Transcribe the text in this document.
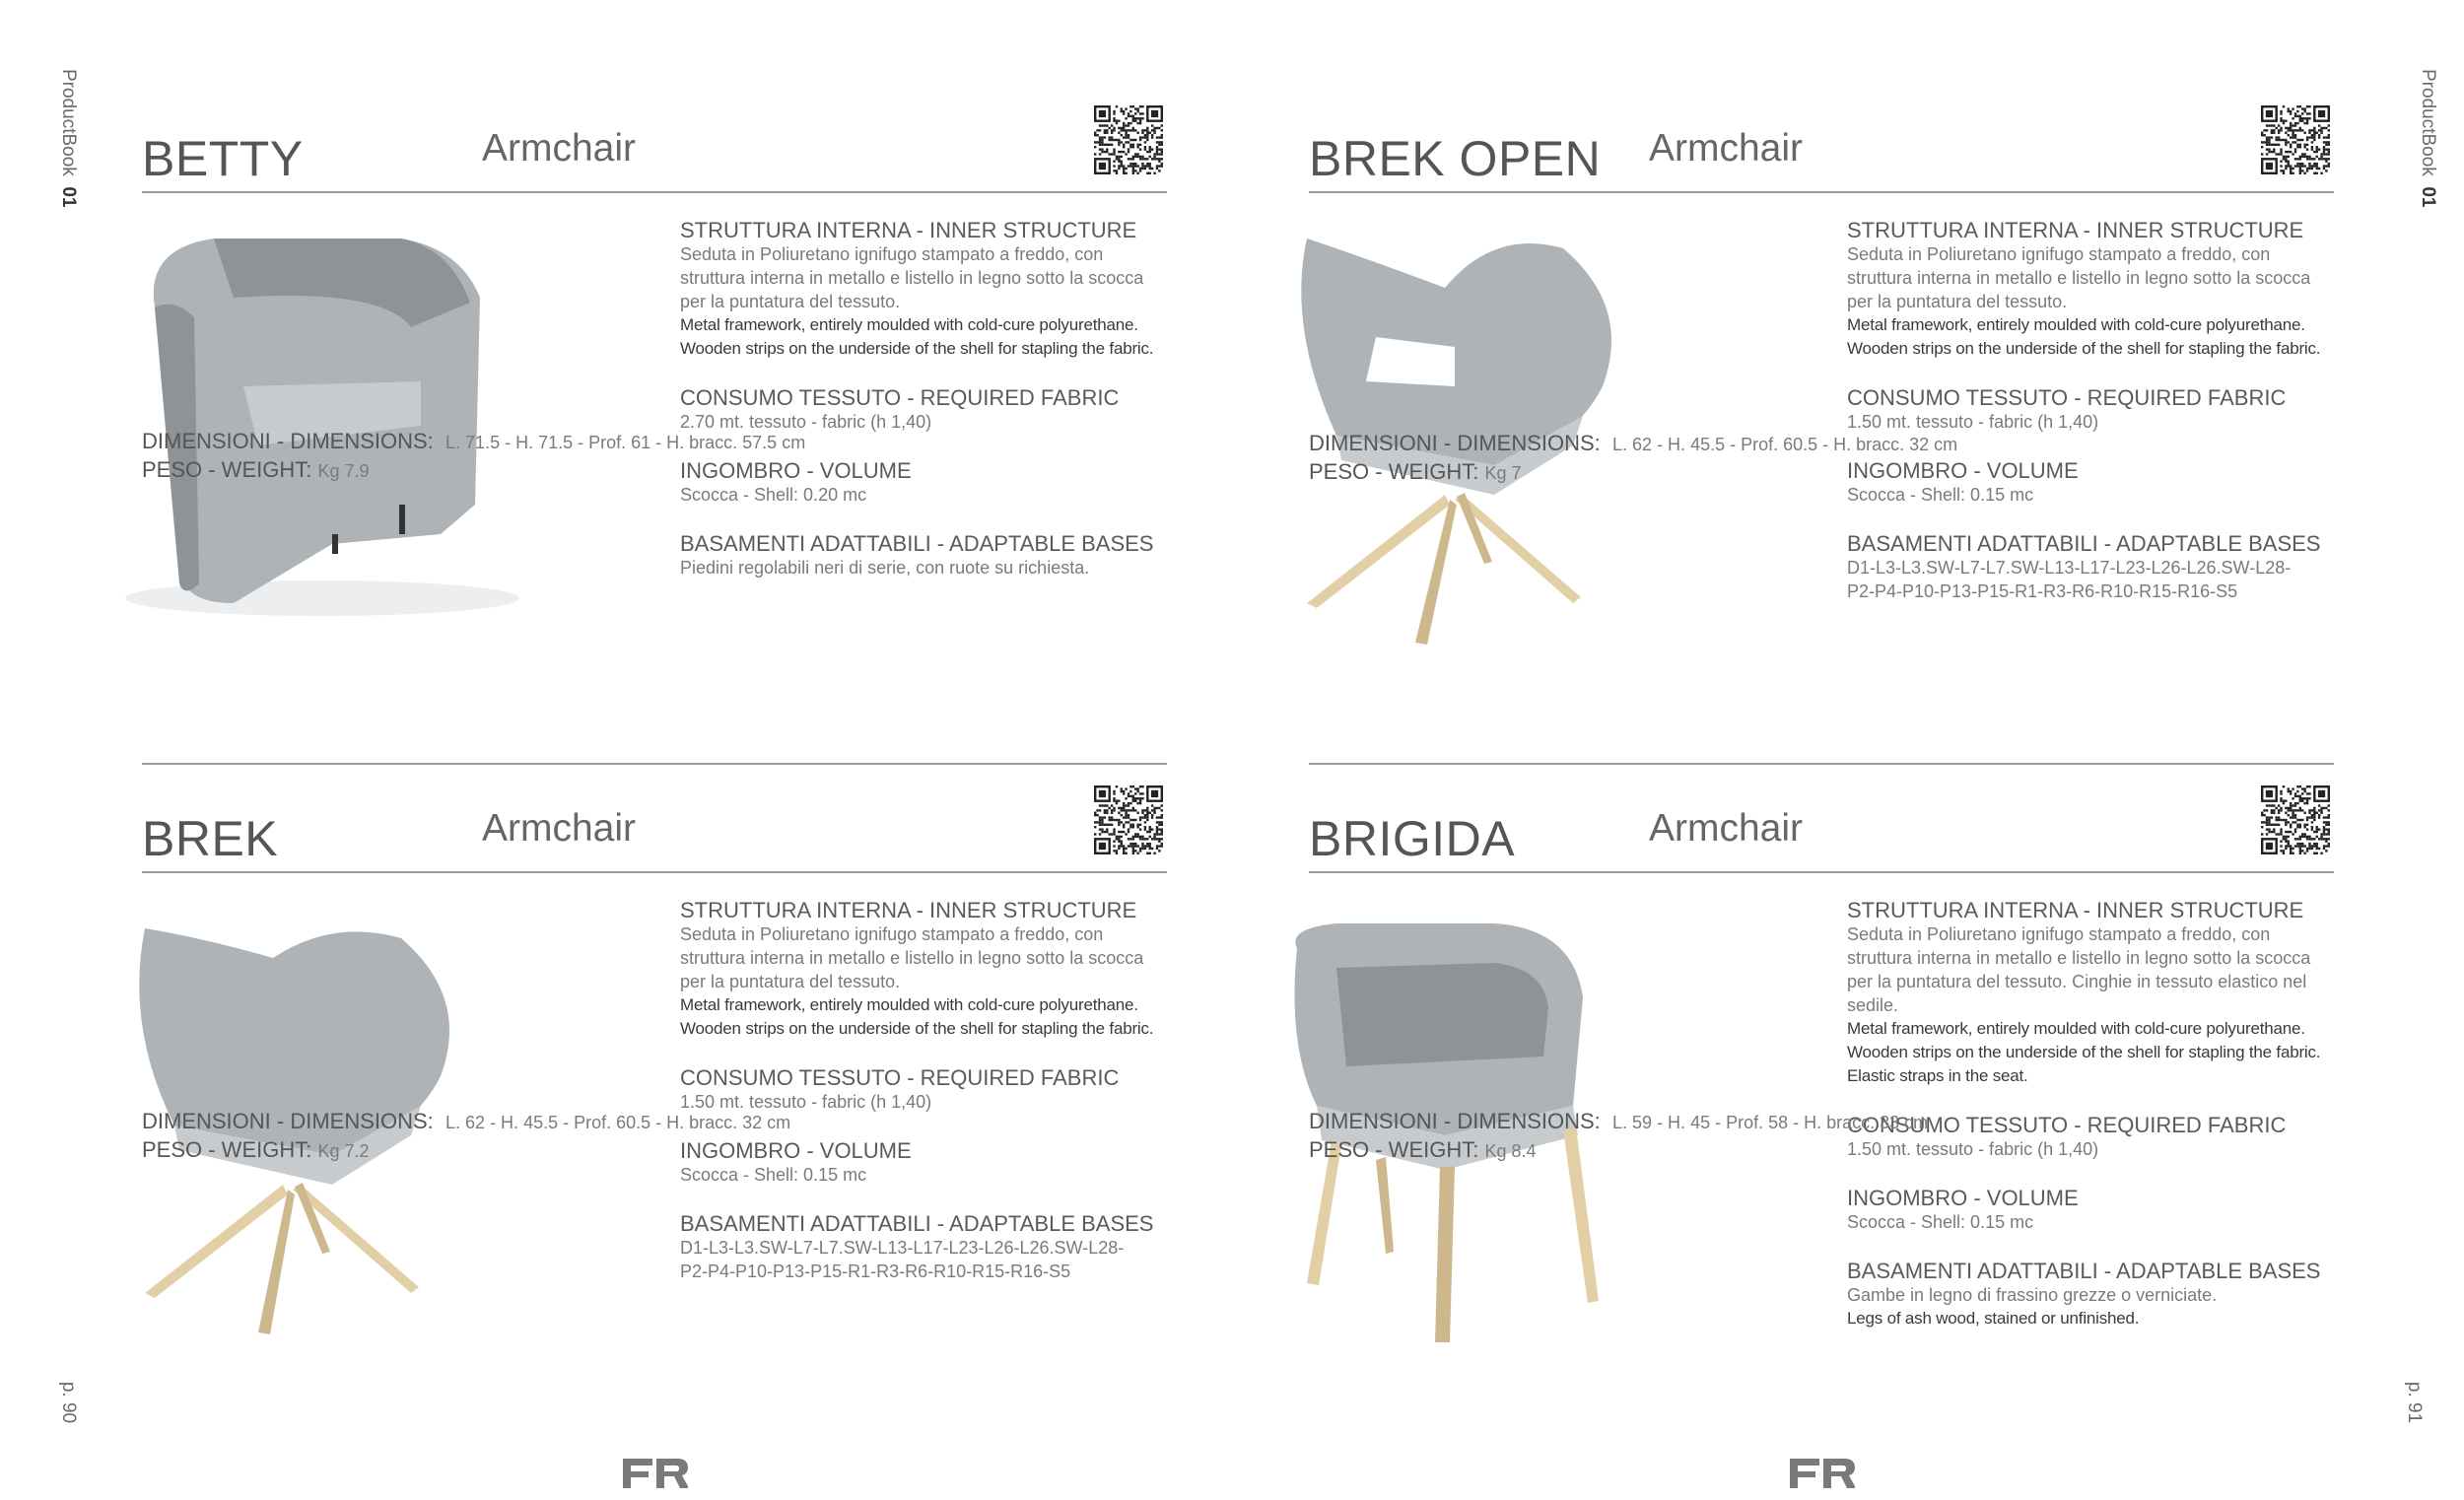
ProductBook  01
ProductBook  01
p. 90	p. 91
BETTY	Armchair

STRUTTURA INTERNA - INNER STRUCTURE

Seduta in Poliuretano ignifugo stampato a freddo, con

struttura interna in metallo e listello in legno sotto la scocca

per la puntatura del tessuto.

Metal framework, entirely moulded with cold-cure polyurethane.

Wooden strips on the underside of the shell for stapling the fabric.

CONSUMO TESSUTO - REQUIRED FABRIC

2.70 mt. tessuto - fabric (h 1,40)

INGOMBRO - VOLUME

Scocca - Shell: 0.20 mc

BASAMENTI ADATTABILI - ADAPTABLE BASES

Piedini regolabili neri di serie, con ruote su richiesta.

DIMENSIONI - DIMENSIONS: L. 71.5 - H. 71.5 - Prof. 61 - H. bracc. 57.5 cm
PESO - WEIGHT: Kg 7.9
BREK OPEN Armchair

STRUTTURA INTERNA - INNER STRUCTURE

Seduta in Poliuretano ignifugo stampato a freddo, con

struttura interna in metallo e listello in legno sotto la scocca

per la puntatura del tessuto.

Metal framework, entirely moulded with cold-cure polyurethane.

Wooden strips on the underside of the shell for stapling the fabric.

CONSUMO TESSUTO - REQUIRED FABRIC

1.50 mt. tessuto - fabric (h 1,40)

INGOMBRO - VOLUME

Scocca - Shell: 0.15 mc

BASAMENTI ADATTABILI - ADAPTABLE BASES

D1-L3-L3.SW-L7-L7.SW-L13-L17-L23-L26-L26.SW-L28-

P2-P4-P10-P13-P15-R1-R3-R6-R10-R15-R16-S5

DIMENSIONI - DIMENSIONS: L. 62 - H. 45.5 - Prof. 60.5 - H. bracc. 32 cm
PESO - WEIGHT: Kg 7
BREK	Armchair

STRUTTURA INTERNA - INNER STRUCTURE

Seduta in Poliuretano ignifugo stampato a freddo, con

struttura interna in metallo e listello in legno sotto la scocca

per la puntatura del tessuto.

Metal framework, entirely moulded with cold-cure polyurethane.

Wooden strips on the underside of the shell for stapling the fabric.

CONSUMO TESSUTO - REQUIRED FABRIC

1.50 mt. tessuto - fabric (h 1,40)

INGOMBRO - VOLUME

Scocca - Shell: 0.15 mc

BASAMENTI ADATTABILI - ADAPTABLE BASES

D1-L3-L3.SW-L7-L7.SW-L13-L17-L23-L26-L26.SW-L28-

P2-P4-P10-P13-P15-R1-R3-R6-R10-R15-R16-S5

DIMENSIONI - DIMENSIONS: L. 62 - H. 45.5 - Prof. 60.5 - H. bracc. 32 cm
PESO - WEIGHT: Kg 7.2
BRIGIDA	Armchair

STRUTTURA INTERNA - INNER STRUCTURE

Seduta in Poliuretano ignifugo stampato a freddo, con

struttura interna in metallo e listello in legno sotto la scocca

per la puntatura del tessuto. Cinghie in tessuto elastico nel

sedile.

Metal framework, entirely moulded with cold-cure polyurethane.

Wooden strips on the underside of the shell for stapling the fabric.

Elastic straps in the seat.

CONSUMO TESSUTO - REQUIRED FABRIC

1.50 mt. tessuto - fabric (h 1,40)

INGOMBRO - VOLUME

Scocca - Shell: 0.15 mc

BASAMENTI ADATTABILI - ADAPTABLE BASES

Gambe in legno di frassino grezze o verniciate.

Legs of ash wood, stained or unfinished.

DIMENSIONI - DIMENSIONS: L. 59 - H. 45 - Prof. 58 - H. bracc. 33 cm
PESO - WEIGHT: Kg 8.4
